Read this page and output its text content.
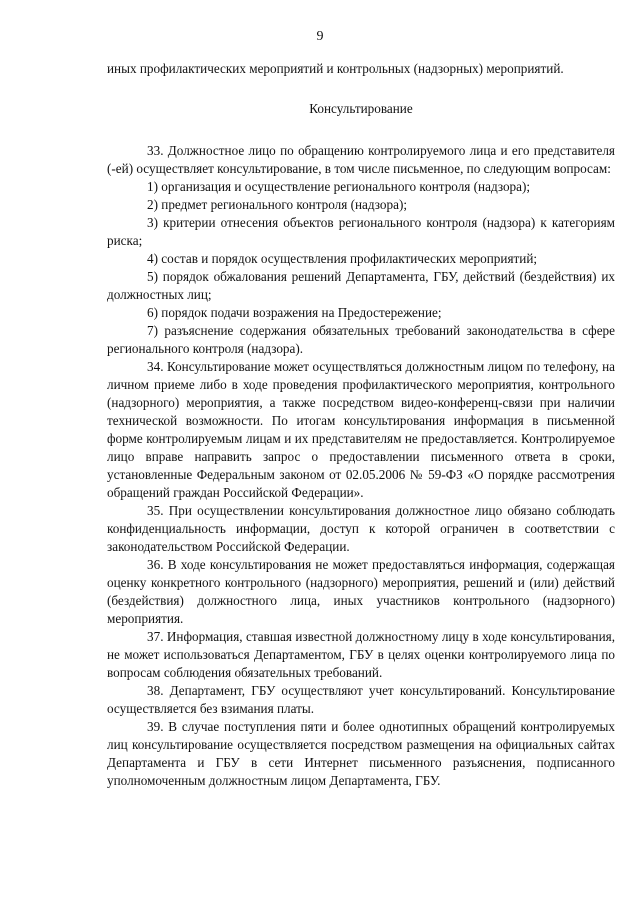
9

иных профилактических мероприятий и контрольных (надзорных) мероприятий.

Консультирование

33. Должностное лицо по обращению контролируемого лица и его представителя (-ей) осуществляет консультирование, в том числе письменное, по следующим вопросам:

1) организация и осуществление регионального контроля (надзора);

2) предмет регионального контроля (надзора);

3) критерии отнесения объектов регионального контроля (надзора) к категориям риска;

4) состав и порядок осуществления профилактических мероприятий;

5) порядок обжалования решений Департамента, ГБУ, действий (бездействия) их должностных лиц;

6) порядок подачи возражения на Предостережение;

7) разъяснение содержания обязательных требований законодательства в сфере регионального контроля (надзора).

34. Консультирование может осуществляться должностным лицом по телефону, на личном приеме либо в ходе проведения профилактического мероприятия, контрольного (надзорного) мероприятия, а также посредством видео-конференц-связи при наличии технической возможности. По итогам консультирования информация в письменной форме контролируемым лицам и их представителям не предоставляется. Контролируемое лицо вправе направить запрос о предоставлении письменного ответа в сроки, установленные Федеральным законом от 02.05.2006 № 59-ФЗ «О порядке рассмотрения обращений граждан Российской Федерации».

35. При осуществлении консультирования должностное лицо обязано соблюдать конфиденциальность информации, доступ к которой ограничен в соответствии с законодательством Российской Федерации.

36. В ходе консультирования не может предоставляться информация, содержащая оценку конкретного контрольного (надзорного) мероприятия, решений и (или) действий (бездействия) должностного лица, иных участников контрольного (надзорного) мероприятия.

37. Информация, ставшая известной должностному лицу в ходе консультирования, не может использоваться Департаментом, ГБУ в целях оценки контролируемого лица по вопросам соблюдения обязательных требований.

38. Департамент, ГБУ осуществляют учет консультирований. Консультирование осуществляется без взимания платы.

39. В случае поступления пяти и более однотипных обращений контролируемых лиц консультирование осуществляется посредством размещения на официальных сайтах Департамента и ГБУ в сети Интернет письменного разъяснения, подписанного уполномоченным должностным лицом Департамента, ГБУ.
